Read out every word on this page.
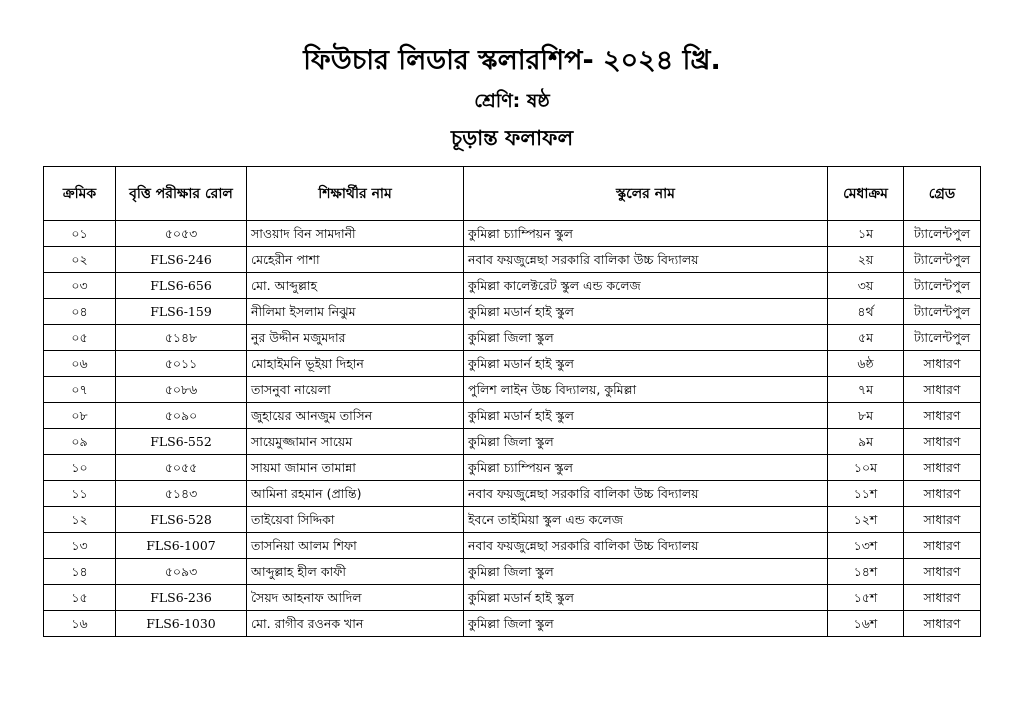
ফিউচার লিডার স্কলারশিপ- ২০২৪ খ্রি.
শ্রেণি: ষষ্ঠ
চূড়ান্ত ফলাফল
ক্রমিক	বৃত্তি পরীক্ষার রোল	শিক্ষার্থীর নাম	স্কুলের নাম	মেধাক্রম	গ্রেড
০১	৫০৫৩	সাওয়াদ বিন সামদানী	কুমিল্লা চ্যাম্পিয়ন স্কুল	১ম	ট্যালেন্টপুল
০২	FLS6-246	মেহেরীন পাশা	নবাব ফয়জুন্নেছা সরকারি বালিকা উচ্চ বিদ্যালয়	২য়	ট্যালেন্টপুল
০৩	FLS6-656	মো. আব্দুল্লাহ	কুমিল্লা কালেক্টরেট স্কুল এন্ড কলেজ	৩য়	ট্যালেন্টপুল
০৪	FLS6-159	নীলিমা ইসলাম নিঝুম	কুমিল্লা মডার্ন হাই স্কুল	৪র্থ	ট্যালেন্টপুল
০৫	৫১৪৮	নুর উদ্দীন মজুমদার	কুমিল্লা জিলা স্কুল	৫ম	ট্যালেন্টপুল
০৬	৫০১১	মোহাইমনি ভূইয়া দিহান	কুমিল্লা মডার্ন হাই স্কুল	৬ষ্ঠ	সাধারণ
০৭	৫০৮৬	তাসনুবা নায়েলা	পুলিশ লাইন উচ্চ বিদ্যালয়, কুমিল্লা	৭ম	সাধারণ
০৮	৫০৯০	জুহায়ের আনজুম তাসিন	কুমিল্লা মডার্ন হাই স্কুল	৮ম	সাধারণ
০৯	FLS6-552	সায়েমুজ্জামান সায়েম	কুমিল্লা জিলা স্কুল	৯ম	সাধারণ
১০	৫০৫৫	সায়মা জামান তামান্না	কুমিল্লা চ্যাম্পিয়ন স্কুল	১০ম	সাধারণ
১১	৫১৪৩	আমিনা রহমান (প্রান্তি)	নবাব ফয়জুন্নেছা সরকারি বালিকা উচ্চ বিদ্যালয়	১১শ	সাধারণ
১২	FLS6-528	তাইয়েবা সিদ্দিকা	ইবনে তাইমিয়া স্কুল এন্ড কলেজ	১২শ	সাধারণ
১৩	FLS6-1007	তাসনিয়া আলম শিফা	নবাব ফয়জুন্নেছা সরকারি বালিকা উচ্চ বিদ্যালয়	১৩শ	সাধারণ
১৪	৫০৯৩	আব্দুল্লাহ হীল কাফী	কুমিল্লা জিলা স্কুল	১৪শ	সাধারণ
১৫	FLS6-236	সৈয়দ আহনাফ আদিল	কুমিল্লা মডার্ন হাই স্কুল	১৫শ	সাধারণ
১৬	FLS6-1030	মো. রাগীব রওনক খান	কুমিল্লা জিলা স্কুল	১৬শ	সাধারণ
